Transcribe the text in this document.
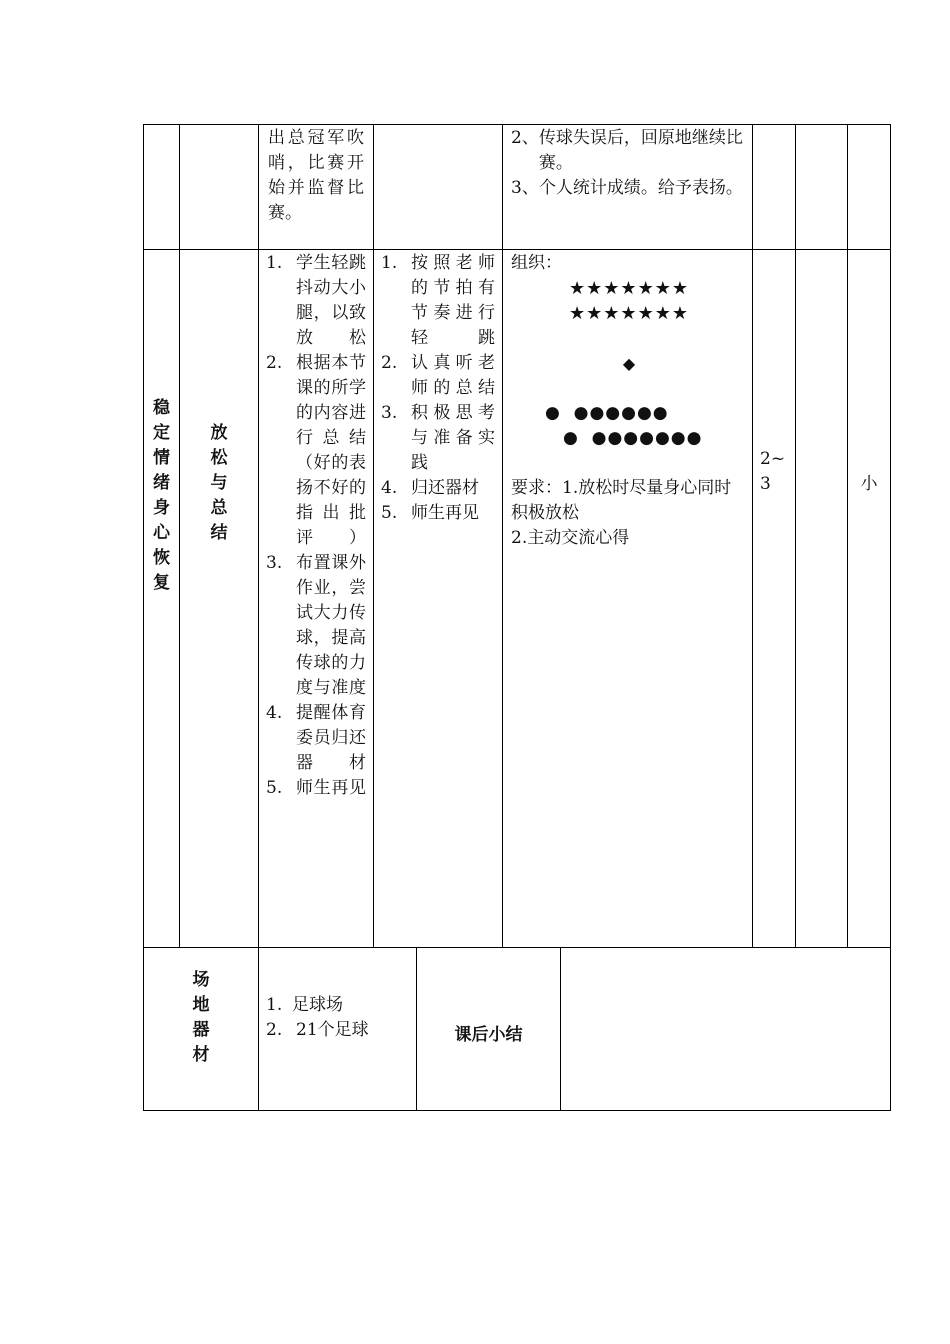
出总冠军吹
哨，比赛开
始并监督比
赛。
2、 传球失误后，回原地继续比赛。
3、 个人统计成绩。给予表扬。
稳
定
情
绪
身
心
恢
复
放
松
与
总
结
1. 学生轻跳抖动大小腿，以致放松
2. 根据本节课的所学的内容进行总结（好的表扬不好的指出批评）
3. 布置课外作业，尝试大力传球，提高传球的力度与准度
4. 提醒体育委员归还器材
5. 师生再见
1. 按照老师的节拍有节奏进行轻跳
2. 认真听老师的总结
3. 积极思考与准备实践
4. 归还器材
5. 师生再见
组织：
★★★★★★★
★★★★★★★
◆
●  ●●●●●●
●  ●●●●●●●
要求：1.放松时尽量身心同时积极放松
2.主动交流心得
2~3	小
场
地
器
材
1. 足球场
2. 21个足球	课后小结
